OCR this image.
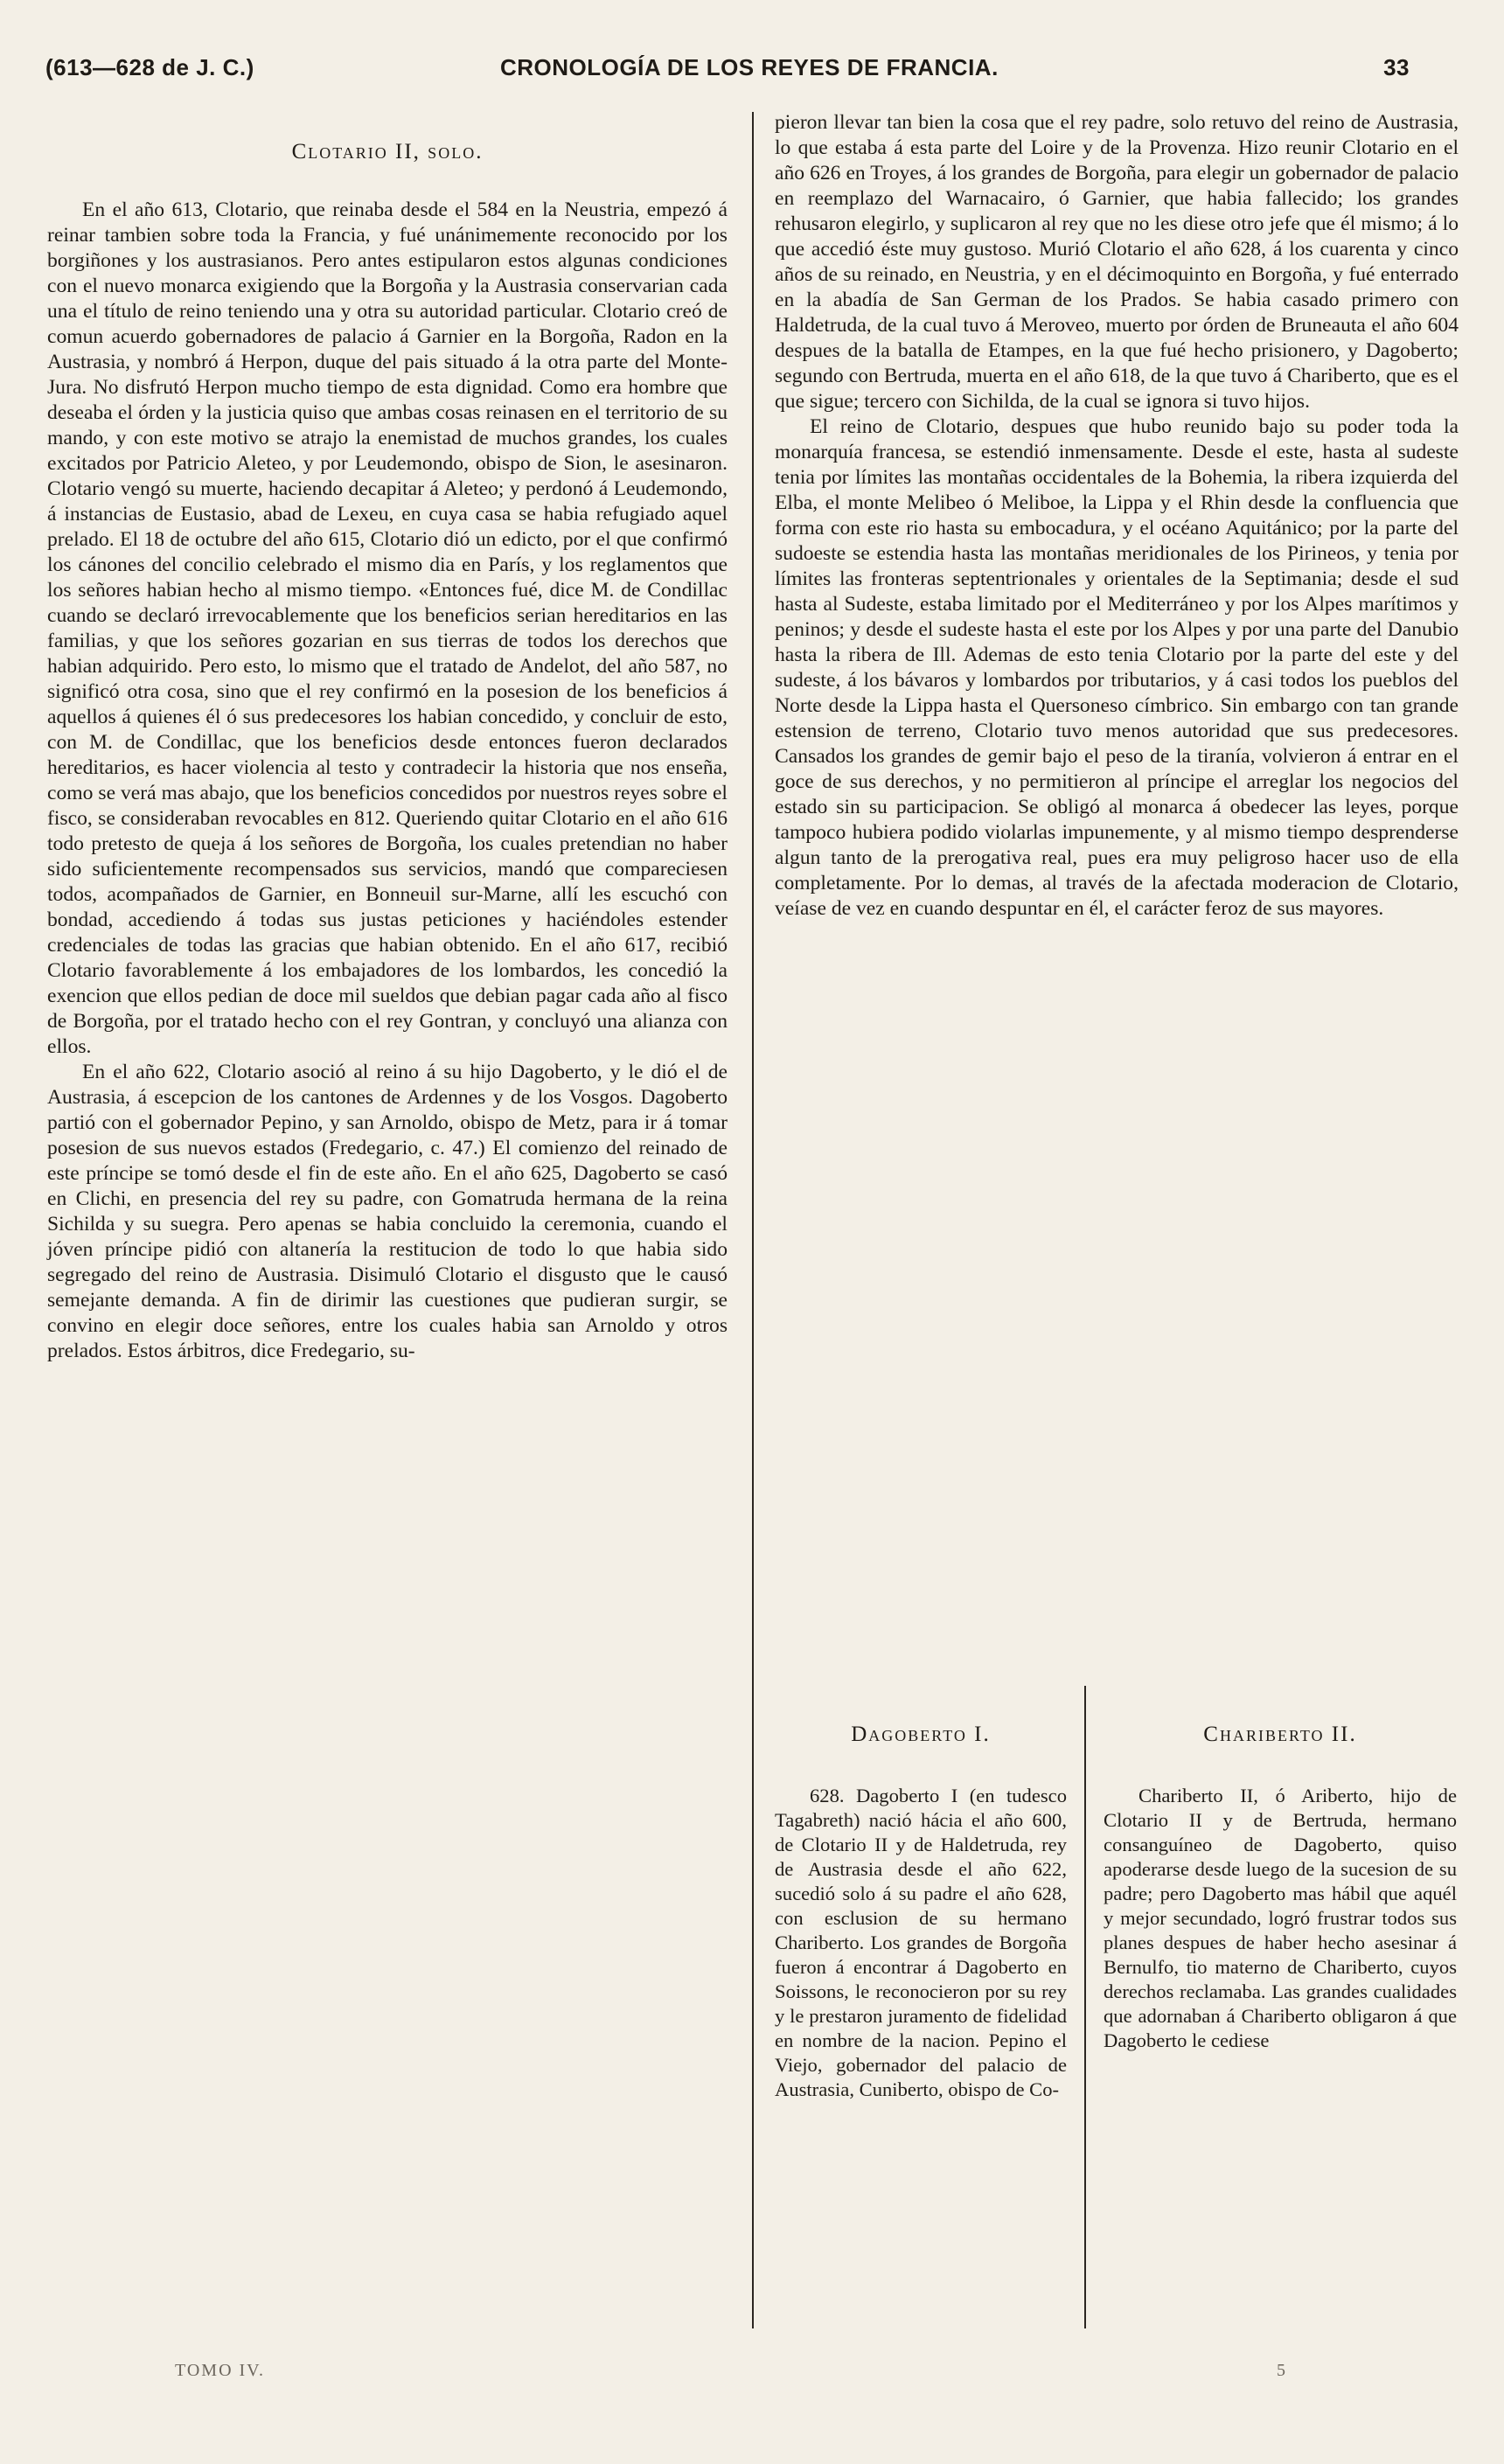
(613—628 de J. C.)	CRONOLOGÍA DE LOS REYES DE FRANCIA.	33
Clotario II, solo.

En el año 613, Clotario, que reinaba desde el 584 en la Neustria, empezó á reinar tambien sobre toda la Francia, y fué unánimemente reconocido por los borgiñones y los austrasianos. Pero antes estipularon estos algunas condiciones con el nuevo monarca exigiendo que la Borgoña y la Austrasia conservarian cada una el título de reino teniendo una y otra su autoridad particular. Clotario creó de comun acuerdo gobernadores de palacio á Garnier en la Borgoña, Radon en la Austrasia, y nombró á Herpon, duque del pais situado á la otra parte del Monte-Jura. No disfrutó Herpon mucho tiempo de esta dignidad. Como era hombre que deseaba el órden y la justicia quiso que ambas cosas reinasen en el territorio de su mando, y con este motivo se atrajo la enemistad de muchos grandes, los cuales excitados por Patricio Aleteo, y por Leudemondo, obispo de Sion, le asesinaron. Clotario vengó su muerte, haciendo decapitar á Aleteo; y perdonó á Leudemondo, á instancias de Eustasio, abad de Lexeu, en cuya casa se habia refugiado aquel prelado. El 18 de octubre del año 615, Clotario dió un edicto, por el que confirmó los cánones del concilio celebrado el mismo dia en París, y los reglamentos que los señores habian hecho al mismo tiempo. «Entonces fué, dice M. de Condillac cuando se declaró irrevocablemente que los beneficios serian hereditarios en las familias, y que los señores gozarian en sus tierras de todos los derechos que habian adquirido. Pero esto, lo mismo que el tratado de Andelot, del año 587, no significó otra cosa, sino que el rey confirmó en la posesion de los beneficios á aquellos á quienes él ó sus predecesores los habian concedido, y concluir de esto, con M. de Condillac, que los beneficios desde entonces fueron declarados hereditarios, es hacer violencia al testo y contradecir la historia que nos enseña, como se verá mas abajo, que los beneficios concedidos por nuestros reyes sobre el fisco, se consideraban revocables en 812. Queriendo quitar Clotario en el año 616 todo pretesto de queja á los señores de Borgoña, los cuales pretendian no haber sido suficientemente recompensados sus servicios, mandó que compareciesen todos, acompañados de Garnier, en Bonneuil sur-Marne, allí les escuchó con bondad, accediendo á todas sus justas peticiones y haciéndoles estender credenciales de todas las gracias que habian obtenido. En el año 617, recibió Clotario favorablemente á los embajadores de los lombardos, les concedió la exencion que ellos pedian de doce mil sueldos que debian pagar cada año al fisco de Borgoña, por el tratado hecho con el rey Gontran, y concluyó una alianza con ellos.

En el año 622, Clotario asoció al reino á su hijo Dagoberto, y le dió el de Austrasia, á escepcion de los cantones de Ardennes y de los Vosgos. Dagoberto partió con el gobernador Pepino, y san Arnoldo, obispo de Metz, para ir á tomar posesion de sus nuevos estados (Fredegario, c. 47.) El comienzo del reinado de este príncipe se tomó desde el fin de este año. En el año 625, Dagoberto se casó en Clichi, en presencia del rey su padre, con Gomatruda hermana de la reina Sichilda y su suegra. Pero apenas se habia concluido la ceremonia, cuando el jóven príncipe pidió con altanería la restitucion de todo lo que habia sido segregado del reino de Austrasia. Disimuló Clotario el disgusto que le causó semejante demanda. A fin de dirimir las cuestiones que pudieran surgir, se convino en elegir doce señores, entre los cuales habia san Arnoldo y otros prelados. Estos árbitros, dice Fredegario, su-

pieron llevar tan bien la cosa que el rey padre, solo retuvo del reino de Austrasia, lo que estaba á esta parte del Loire y de la Provenza. Hizo reunir Clotario en el año 626 en Troyes, á los grandes de Borgoña, para elegir un gobernador de palacio en reemplazo del Warnacairo, ó Garnier, que habia fallecido; los grandes rehusaron elegirlo, y suplicaron al rey que no les diese otro jefe que él mismo; á lo que accedió éste muy gustoso. Murió Clotario el año 628, á los cuarenta y cinco años de su reinado, en Neustria, y en el décimoquinto en Borgoña, y fué enterrado en la abadía de San German de los Prados. Se habia casado primero con Haldetruda, de la cual tuvo á Meroveo, muerto por órden de Bruneauta el año 604 despues de la batalla de Etampes, en la que fué hecho prisionero, y Dagoberto; segundo con Bertruda, muerta en el año 618, de la que tuvo á Chariberto, que es el que sigue; tercero con Sichilda, de la cual se ignora si tuvo hijos.

El reino de Clotario, despues que hubo reunido bajo su poder toda la monarquía francesa, se estendió inmensamente. Desde el este, hasta al sudeste tenia por límites las montañas occidentales de la Bohemia, la ribera izquierda del Elba, el monte Melibeo ó Meliboe, la Lippa y el Rhin desde la confluencia que forma con este rio hasta su embocadura, y el océano Aquitánico; por la parte del sudoeste se estendia hasta las montañas meridionales de los Pirineos, y tenia por límites las fronteras septentrionales y orientales de la Septimania; desde el sud hasta al Sudeste, estaba limitado por el Mediterráneo y por los Alpes marítimos y peninos; y desde el sudeste hasta el este por los Alpes y por una parte del Danubio hasta la ribera de Ill. Ademas de esto tenia Clotario por la parte del este y del sudeste, á los bávaros y lombardos por tributarios, y á casi todos los pueblos del Norte desde la Lippa hasta el Quersoneso címbrico. Sin embargo con tan grande estension de terreno, Clotario tuvo menos autoridad que sus predecesores. Cansados los grandes de gemir bajo el peso de la tiranía, volvieron á entrar en el goce de sus derechos, y no permitieron al príncipe el arreglar los negocios del estado sin su participacion. Se obligó al monarca á obedecer las leyes, porque tampoco hubiera podido violarlas impunemente, y al mismo tiempo desprenderse algun tanto de la prerogativa real, pues era muy peligroso hacer uso de ella completamente. Por lo demas, al través de la afectada moderacion de Clotario, veíase de vez en cuando despuntar en él, el carácter feroz de sus mayores.

Dagoberto I.	Chariberto II.

628. Dagoberto I (en tudesco Tagabreth) nació hácia el año 600, de Clotario II y de Haldetruda, rey de Austrasia desde el año 622, sucedió solo á su padre el año 628, con esclusion de su hermano Chariberto. Los grandes de Borgoña fueron á encontrar á Dagoberto en Soissons, le reconocieron por su rey y le prestaron juramento de fidelidad en nombre de la nacion. Pepino el Viejo, gobernador del palacio de Austrasia, Cuniberto, obispo de Co-

Chariberto II, ó Ariberto, hijo de Clotario II y de Bertruda, hermano consanguíneo de Dagoberto, quiso apoderarse desde luego de la sucesion de su padre; pero Dagoberto mas hábil que aquél y mejor secundado, logró frustrar todos sus planes despues de haber hecho asesinar á Bernulfo, tio materno de Chariberto, cuyos derechos reclamaba. Las grandes cualidades que adornaban á Chariberto obligaron á que Dagoberto le cediese

TOMO IV.	5
